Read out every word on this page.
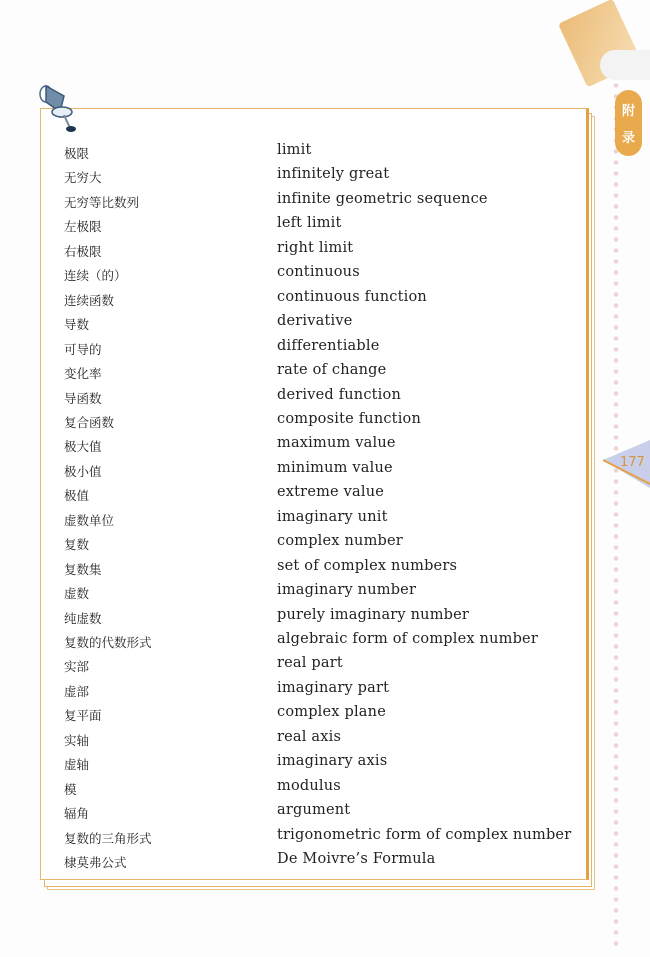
附
录
177
极限	limit
无穷大	infinitely great
无穷等比数列	infinite geometric sequence
左极限	left limit
右极限	right limit
连续（的）	continuous
连续函数	continuous function
导数	derivative
可导的	differentiable
变化率	rate of change
导函数	derived function
复合函数	composite function
极大值	maximum value
极小值	minimum value
极值	extreme value
虚数单位	imaginary unit
复数	complex number
复数集	set of complex numbers
虚数	imaginary number
纯虚数	purely imaginary number
复数的代数形式	algebraic form of complex number
实部	real part
虚部	imaginary part
复平面	complex plane
实轴	real axis
虚轴	imaginary axis
模	modulus
辐角	argument
复数的三角形式	trigonometric form of complex number
棣莫弗公式	De Moivre’s Formula
